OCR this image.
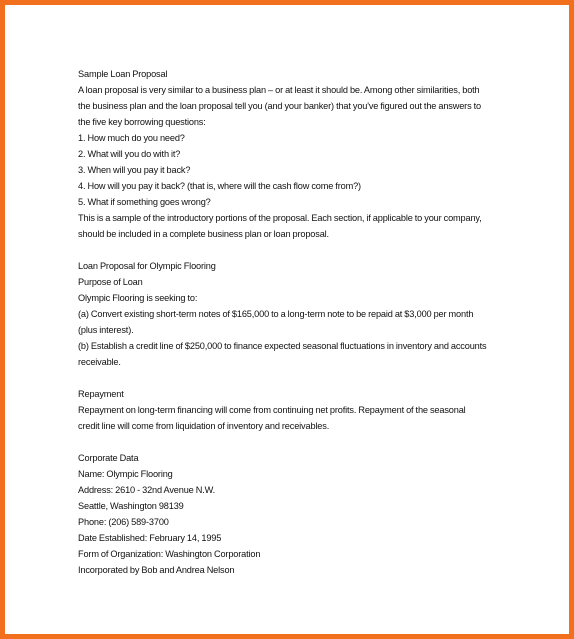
Sample Loan Proposal

A loan proposal is very similar to a business plan – or at least it should be. Among other similarities, both

the business plan and the loan proposal tell you (and your banker) that you've figured out the answers to

the five key borrowing questions:

1. How much do you need?

2. What will you do with it?

3. When will you pay it back?

4. How will you pay it back? (that is, where will the cash flow come from?)

5. What if something goes wrong?

This is a sample of the introductory portions of the proposal. Each section, if applicable to your company,

should be included in a complete business plan or loan proposal.

Loan Proposal for Olympic Flooring

Purpose of Loan

Olympic Flooring is seeking to:

(a) Convert existing short-term notes of $165,000 to a long-term note to be repaid at $3,000 per month

(plus interest).

(b) Establish a credit line of $250,000 to finance expected seasonal fluctuations in inventory and accounts

receivable.

Repayment

Repayment on long-term financing will come from continuing net profits. Repayment of the seasonal

credit line will come from liquidation of inventory and receivables.

Corporate Data

Name: Olympic Flooring

Address: 2610 - 32nd Avenue N.W.

Seattle, Washington 98139

Phone: (206) 589-3700

Date Established: February 14, 1995

Form of Organization: Washington Corporation

Incorporated by Bob and Andrea Nelson
